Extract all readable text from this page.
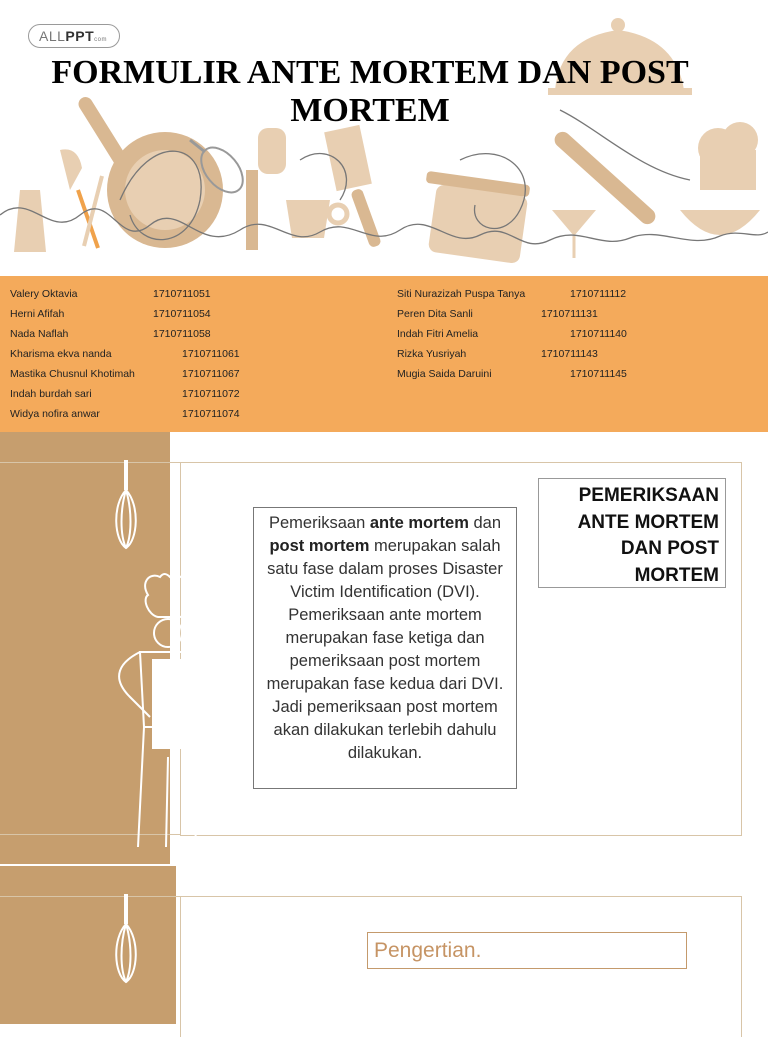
ALLPPTcom
FORMULIR ANTE MORTEM DAN POST MORTEM
Valery Oktavia	1710711051
Herni Afifah	1710711054
Nada Naflah	1710711058
Kharisma ekva nanda	1710711061
Mastika Chusnul Khotimah	1710711067
Indah burdah sari	1710711072
Widya nofira anwar	1710711074
Siti Nurazizah Puspa Tanya	1710711112
Peren Dita Sanli	1710711131
Indah Fitri Amelia	1710711140
Rizka Yusriyah	1710711143
Mugia Saida Daruini	1710711145
PEMERIKSAAN ANTE MORTEM DAN POST MORTEM
Pemeriksaan ante mortem dan post mortem merupakan salah satu fase dalam proses Disaster Victim Identification (DVI). Pemeriksaan ante mortem merupakan fase ketiga dan pemeriksaan post mortem merupakan fase kedua dari DVI. Jadi pemeriksaan post mortem akan dilakukan terlebih dahulu dilakukan.
Pengertian.
